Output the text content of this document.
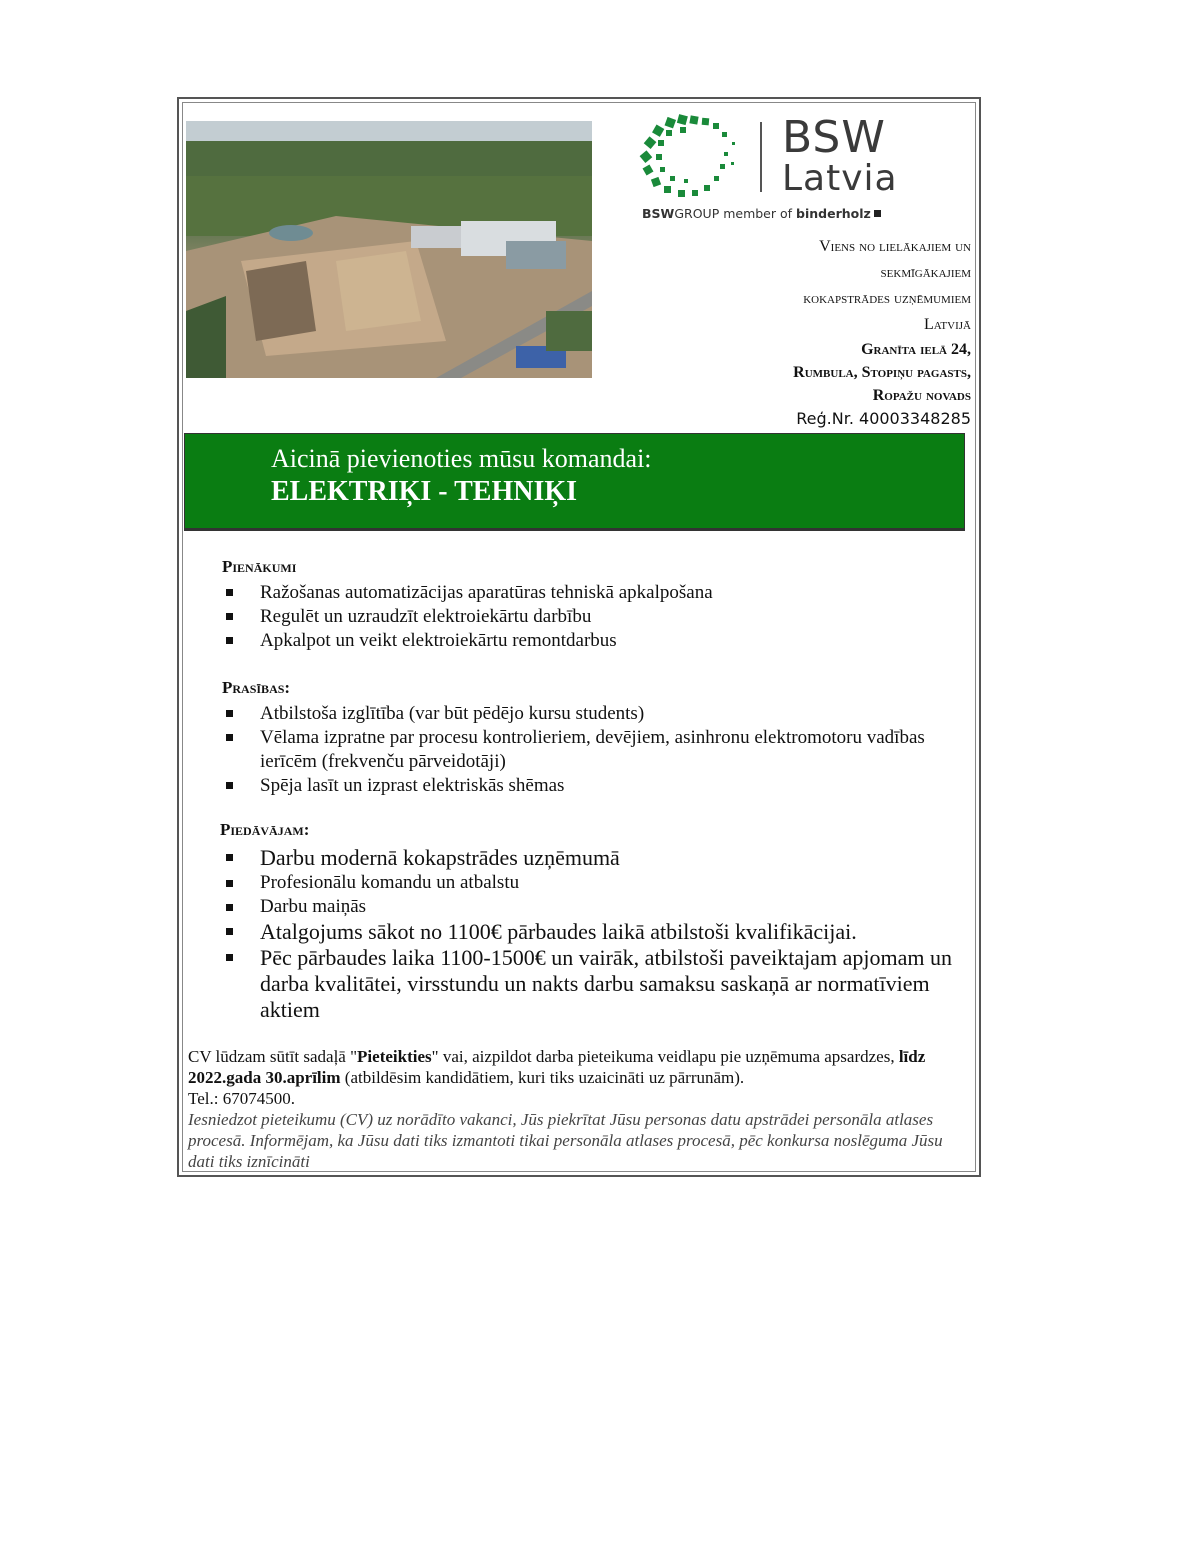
BSW
Latvia
BSWGROUP member of binderholz
Viens no lielākajiem un
sekmīgākajiem
kokapstrādes uzņēmumiem
Latvijā
Granīta ielā 24,
Rumbula, Stopiņu pagasts,
Ropažu novads
Reģ.Nr. 40003348285
Aicinā pievienoties mūsu komandai:
ELEKTRIĶI - TEHNIĶI
Pienākumi
Ražošanas automatizācijas aparatūras tehniskā apkalpošana
Regulēt un uzraudzīt elektroiekārtu darbību
Apkalpot un veikt elektroiekārtu remontdarbus
Prasības:
Atbilstoša izglītība (var būt pēdējo kursu students)
Vēlama izpratne par procesu kontrolieriem, devējiem, asinhronu elektromotoru vadības ierīcēm (frekvenču pārveidotāji)
Spēja lasīt un izprast elektriskās shēmas
Piedāvājam:
Darbu modernā kokapstrādes uzņēmumā
Profesionālu komandu un atbalstu
Darbu maiņās
Atalgojums sākot no 1100€ pārbaudes laikā atbilstoši kvalifikācijai.
Pēc pārbaudes laika 1100-1500€ un vairāk, atbilstoši paveiktajam apjomam un darba kvalitātei, virsstundu un nakts darbu samaksu saskaņā ar normatīviem aktiem
CV lūdzam sūtīt sadaļā "Pieteikties" vai, aizpildot darba pieteikuma veidlapu pie uzņēmuma apsardzes, līdz 2022.gada 30.aprīlim (atbildēsim kandidātiem, kuri tiks uzaicināti uz pārrunām).
Tel.: 67074500.
Iesniedzot pieteikumu (CV) uz norādīto vakanci, Jūs piekrītat Jūsu personas datu apstrādei personāla atlases procesā. Informējam, ka Jūsu dati tiks izmantoti tikai personāla atlases procesā, pēc konkursa noslēguma Jūsu dati tiks iznīcināti
